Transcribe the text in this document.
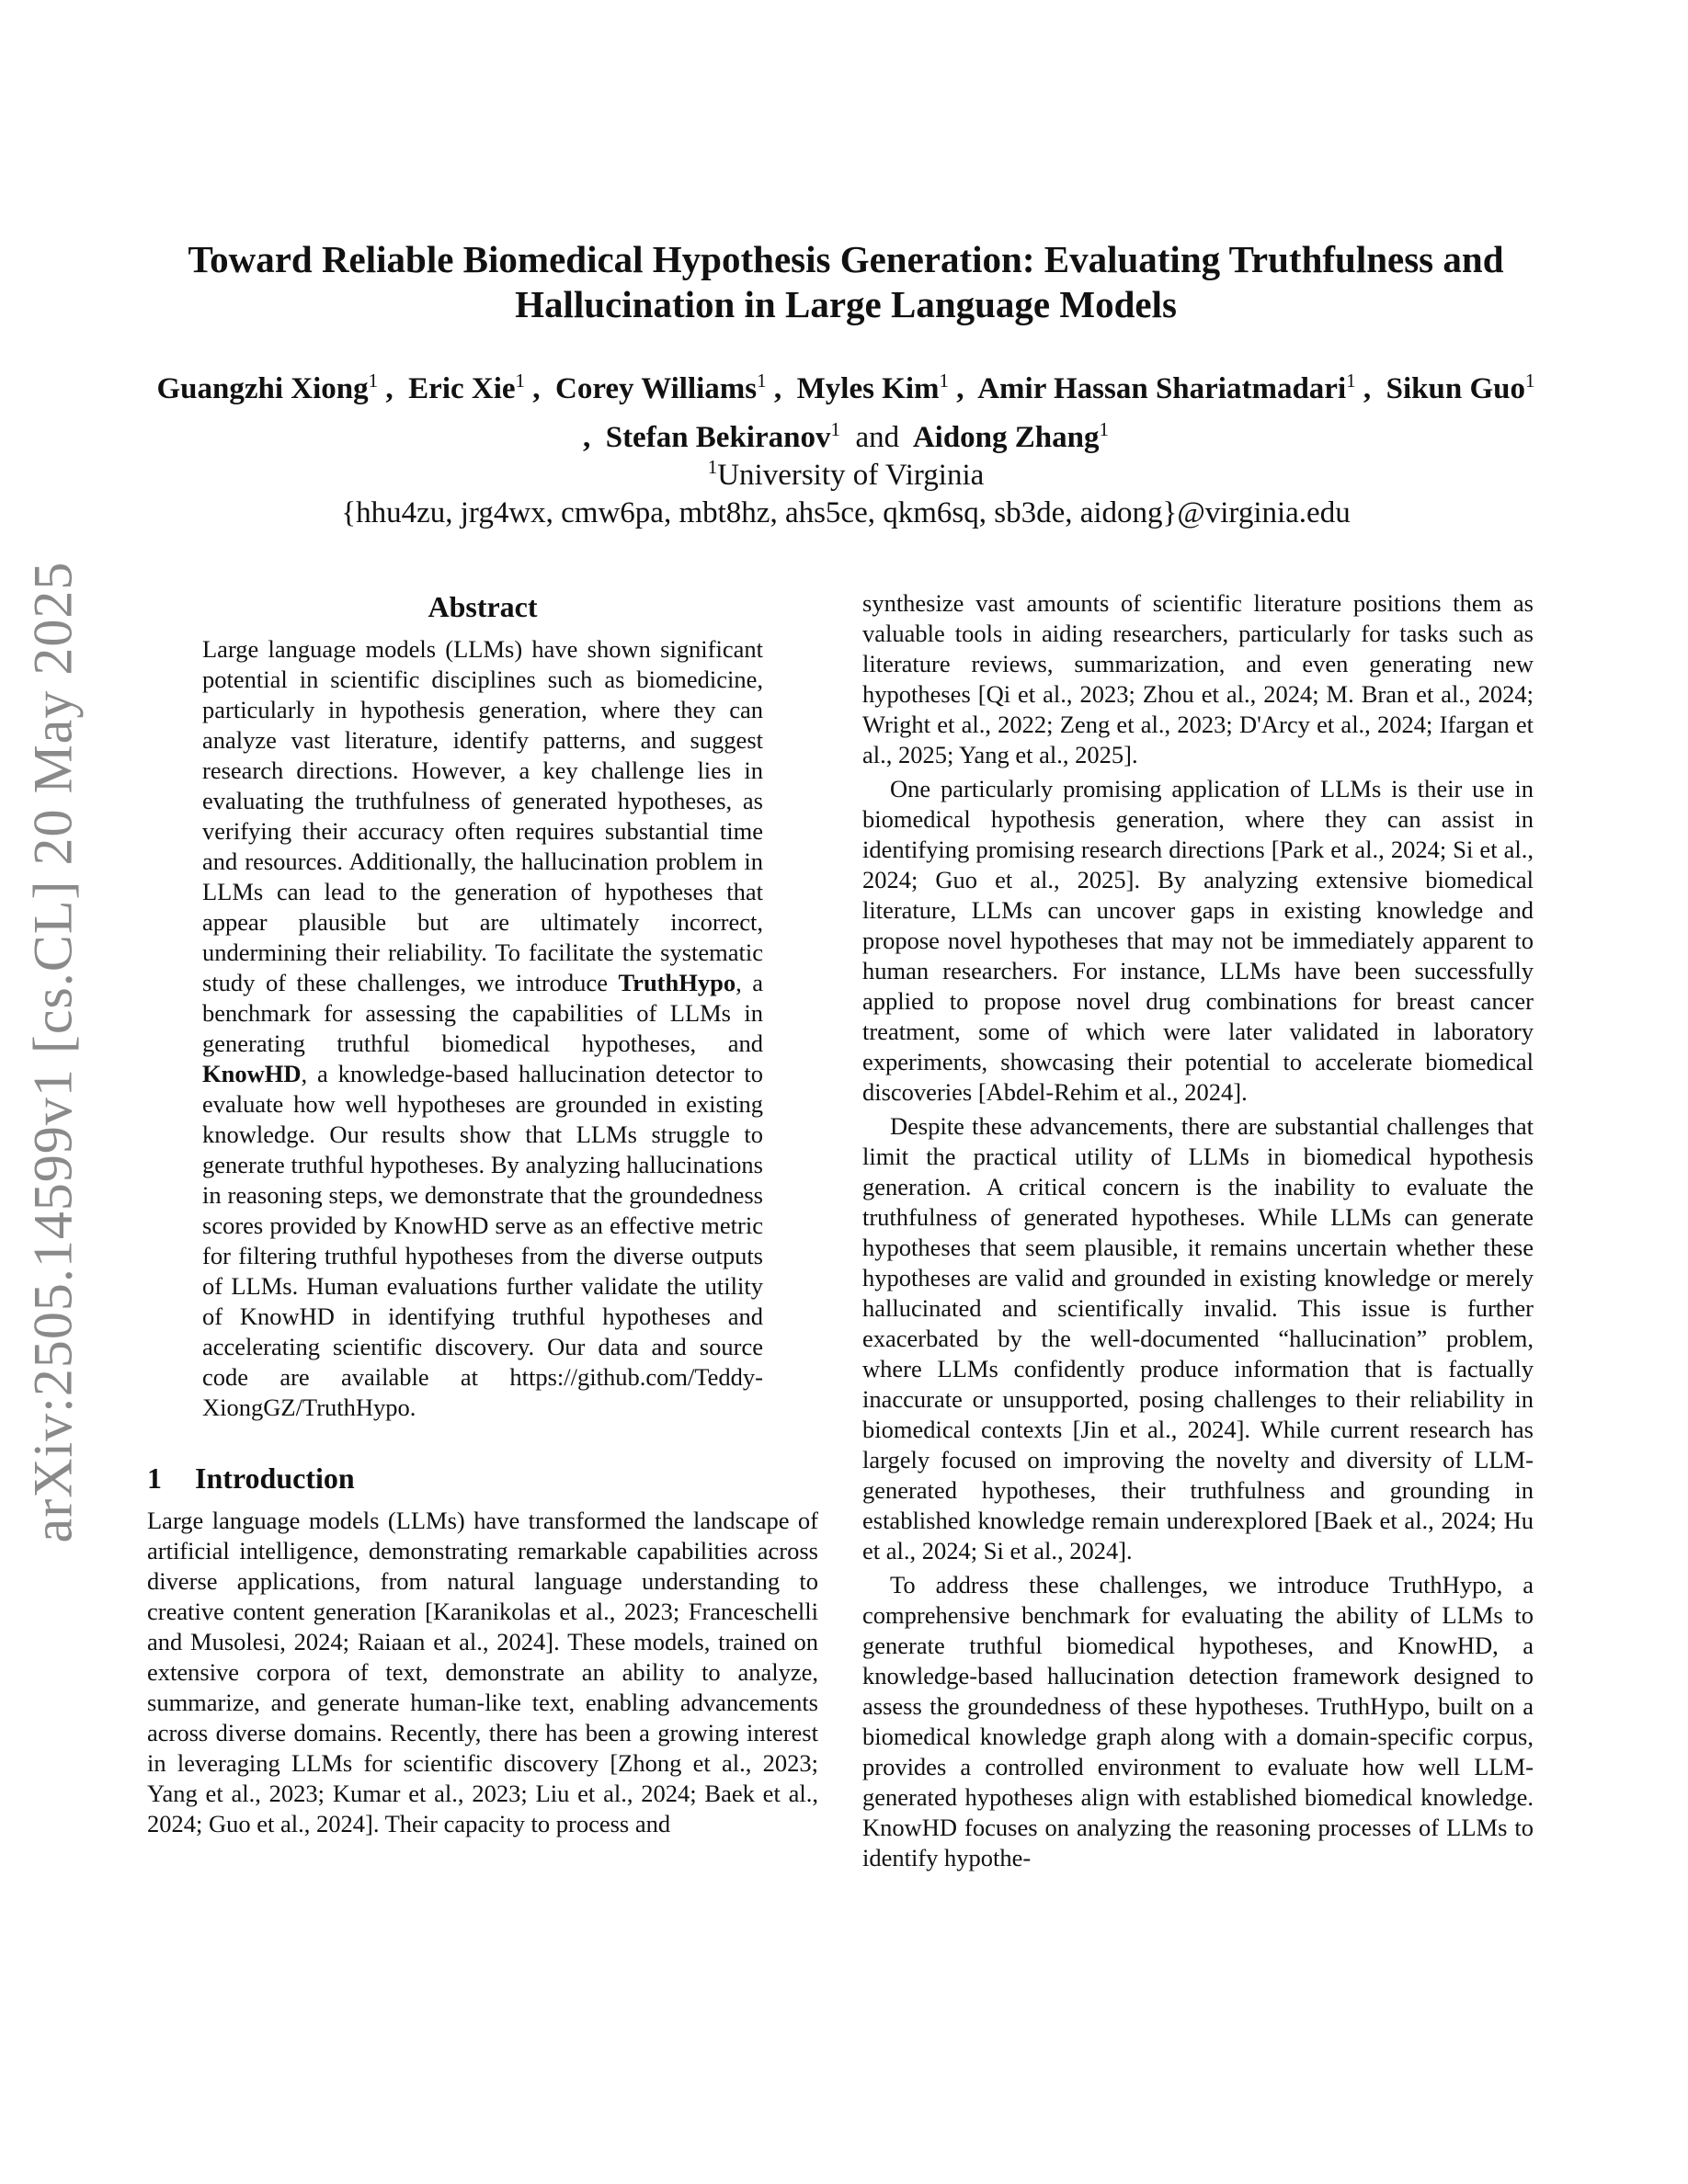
arXiv:2505.14599v1 [cs.CL] 20 May 2025
Toward Reliable Biomedical Hypothesis Generation: Evaluating Truthfulness and Hallucination in Large Language Models
Guangzhi Xiong$^1$ ,  Eric Xie$^1$ ,  Corey Williams$^1$ ,  Myles Kim$^1$ ,  Amir Hassan Shariatmadari$^1$ ,  Sikun Guo$^1$ ,  Stefan Bekiranov$^1$ and Aidong Zhang$^1$
$^1$University of Virginia
{hhu4zu, jrg4wx, cmw6pa, mbt8hz, ahs5ce, qkm6sq, sb3de, aidong}@virginia.edu
Abstract

Large language models (LLMs) have shown significant potential in scientific disciplines such as biomedicine, particularly in hypothesis generation, where they can analyze vast literature, identify patterns, and suggest research directions. However, a key challenge lies in evaluating the truthfulness of generated hypotheses, as verifying their accuracy often requires substantial time and resources. Additionally, the hallucination problem in LLMs can lead to the generation of hypotheses that appear plausible but are ultimately incorrect, undermining their reliability. To facilitate the systematic study of these challenges, we introduce TruthHypo, a benchmark for assessing the capabilities of LLMs in generating truthful biomedical hypotheses, and KnowHD, a knowledge-based hallucination detector to evaluate how well hypotheses are grounded in existing knowledge. Our results show that LLMs struggle to generate truthful hypotheses. By analyzing hallucinations in reasoning steps, we demonstrate that the groundedness scores provided by KnowHD serve as an effective metric for filtering truthful hypotheses from the diverse outputs of LLMs. Human evaluations further validate the utility of KnowHD in identifying truthful hypotheses and accelerating scientific discovery. Our data and source code are available at https://github.com/Teddy-XiongGZ/TruthHypo.

1 Introduction

Large language models (LLMs) have transformed the landscape of artificial intelligence, demonstrating remarkable capabilities across diverse applications, from natural language understanding to creative content generation [Karanikolas et al., 2023; Franceschelli and Musolesi, 2024; Raiaan et al., 2024]. These models, trained on extensive corpora of text, demonstrate an ability to analyze, summarize, and generate human-like text, enabling advancements across diverse domains. Recently, there has been a growing interest in leveraging LLMs for scientific discovery [Zhong et al., 2023; Yang et al., 2023; Kumar et al., 2023; Liu et al., 2024; Baek et al., 2024; Guo et al., 2024]. Their capacity to process and

synthesize vast amounts of scientific literature positions them as valuable tools in aiding researchers, particularly for tasks such as literature reviews, summarization, and even generating new hypotheses [Qi et al., 2023; Zhou et al., 2024; M. Bran et al., 2024; Wright et al., 2022; Zeng et al., 2023; D'Arcy et al., 2024; Ifargan et al., 2025; Yang et al., 2025].

One particularly promising application of LLMs is their use in biomedical hypothesis generation, where they can assist in identifying promising research directions [Park et al., 2024; Si et al., 2024; Guo et al., 2025]. By analyzing extensive biomedical literature, LLMs can uncover gaps in existing knowledge and propose novel hypotheses that may not be immediately apparent to human researchers. For instance, LLMs have been successfully applied to propose novel drug combinations for breast cancer treatment, some of which were later validated in laboratory experiments, showcasing their potential to accelerate biomedical discoveries [Abdel-Rehim et al., 2024].

Despite these advancements, there are substantial challenges that limit the practical utility of LLMs in biomedical hypothesis generation. A critical concern is the inability to evaluate the truthfulness of generated hypotheses. While LLMs can generate hypotheses that seem plausible, it remains uncertain whether these hypotheses are valid and grounded in existing knowledge or merely hallucinated and scientifically invalid. This issue is further exacerbated by the well-documented “hallucination” problem, where LLMs confidently produce information that is factually inaccurate or unsupported, posing challenges to their reliability in biomedical contexts [Jin et al., 2024]. While current research has largely focused on improving the novelty and diversity of LLM-generated hypotheses, their truthfulness and grounding in established knowledge remain underexplored [Baek et al., 2024; Hu et al., 2024; Si et al., 2024].

To address these challenges, we introduce TruthHypo, a comprehensive benchmark for evaluating the ability of LLMs to generate truthful biomedical hypotheses, and KnowHD, a knowledge-based hallucination detection framework designed to assess the groundedness of these hypotheses. TruthHypo, built on a biomedical knowledge graph along with a domain-specific corpus, provides a controlled environment to evaluate how well LLM-generated hypotheses align with established biomedical knowledge. KnowHD focuses on analyzing the reasoning processes of LLMs to identify hypothe-
